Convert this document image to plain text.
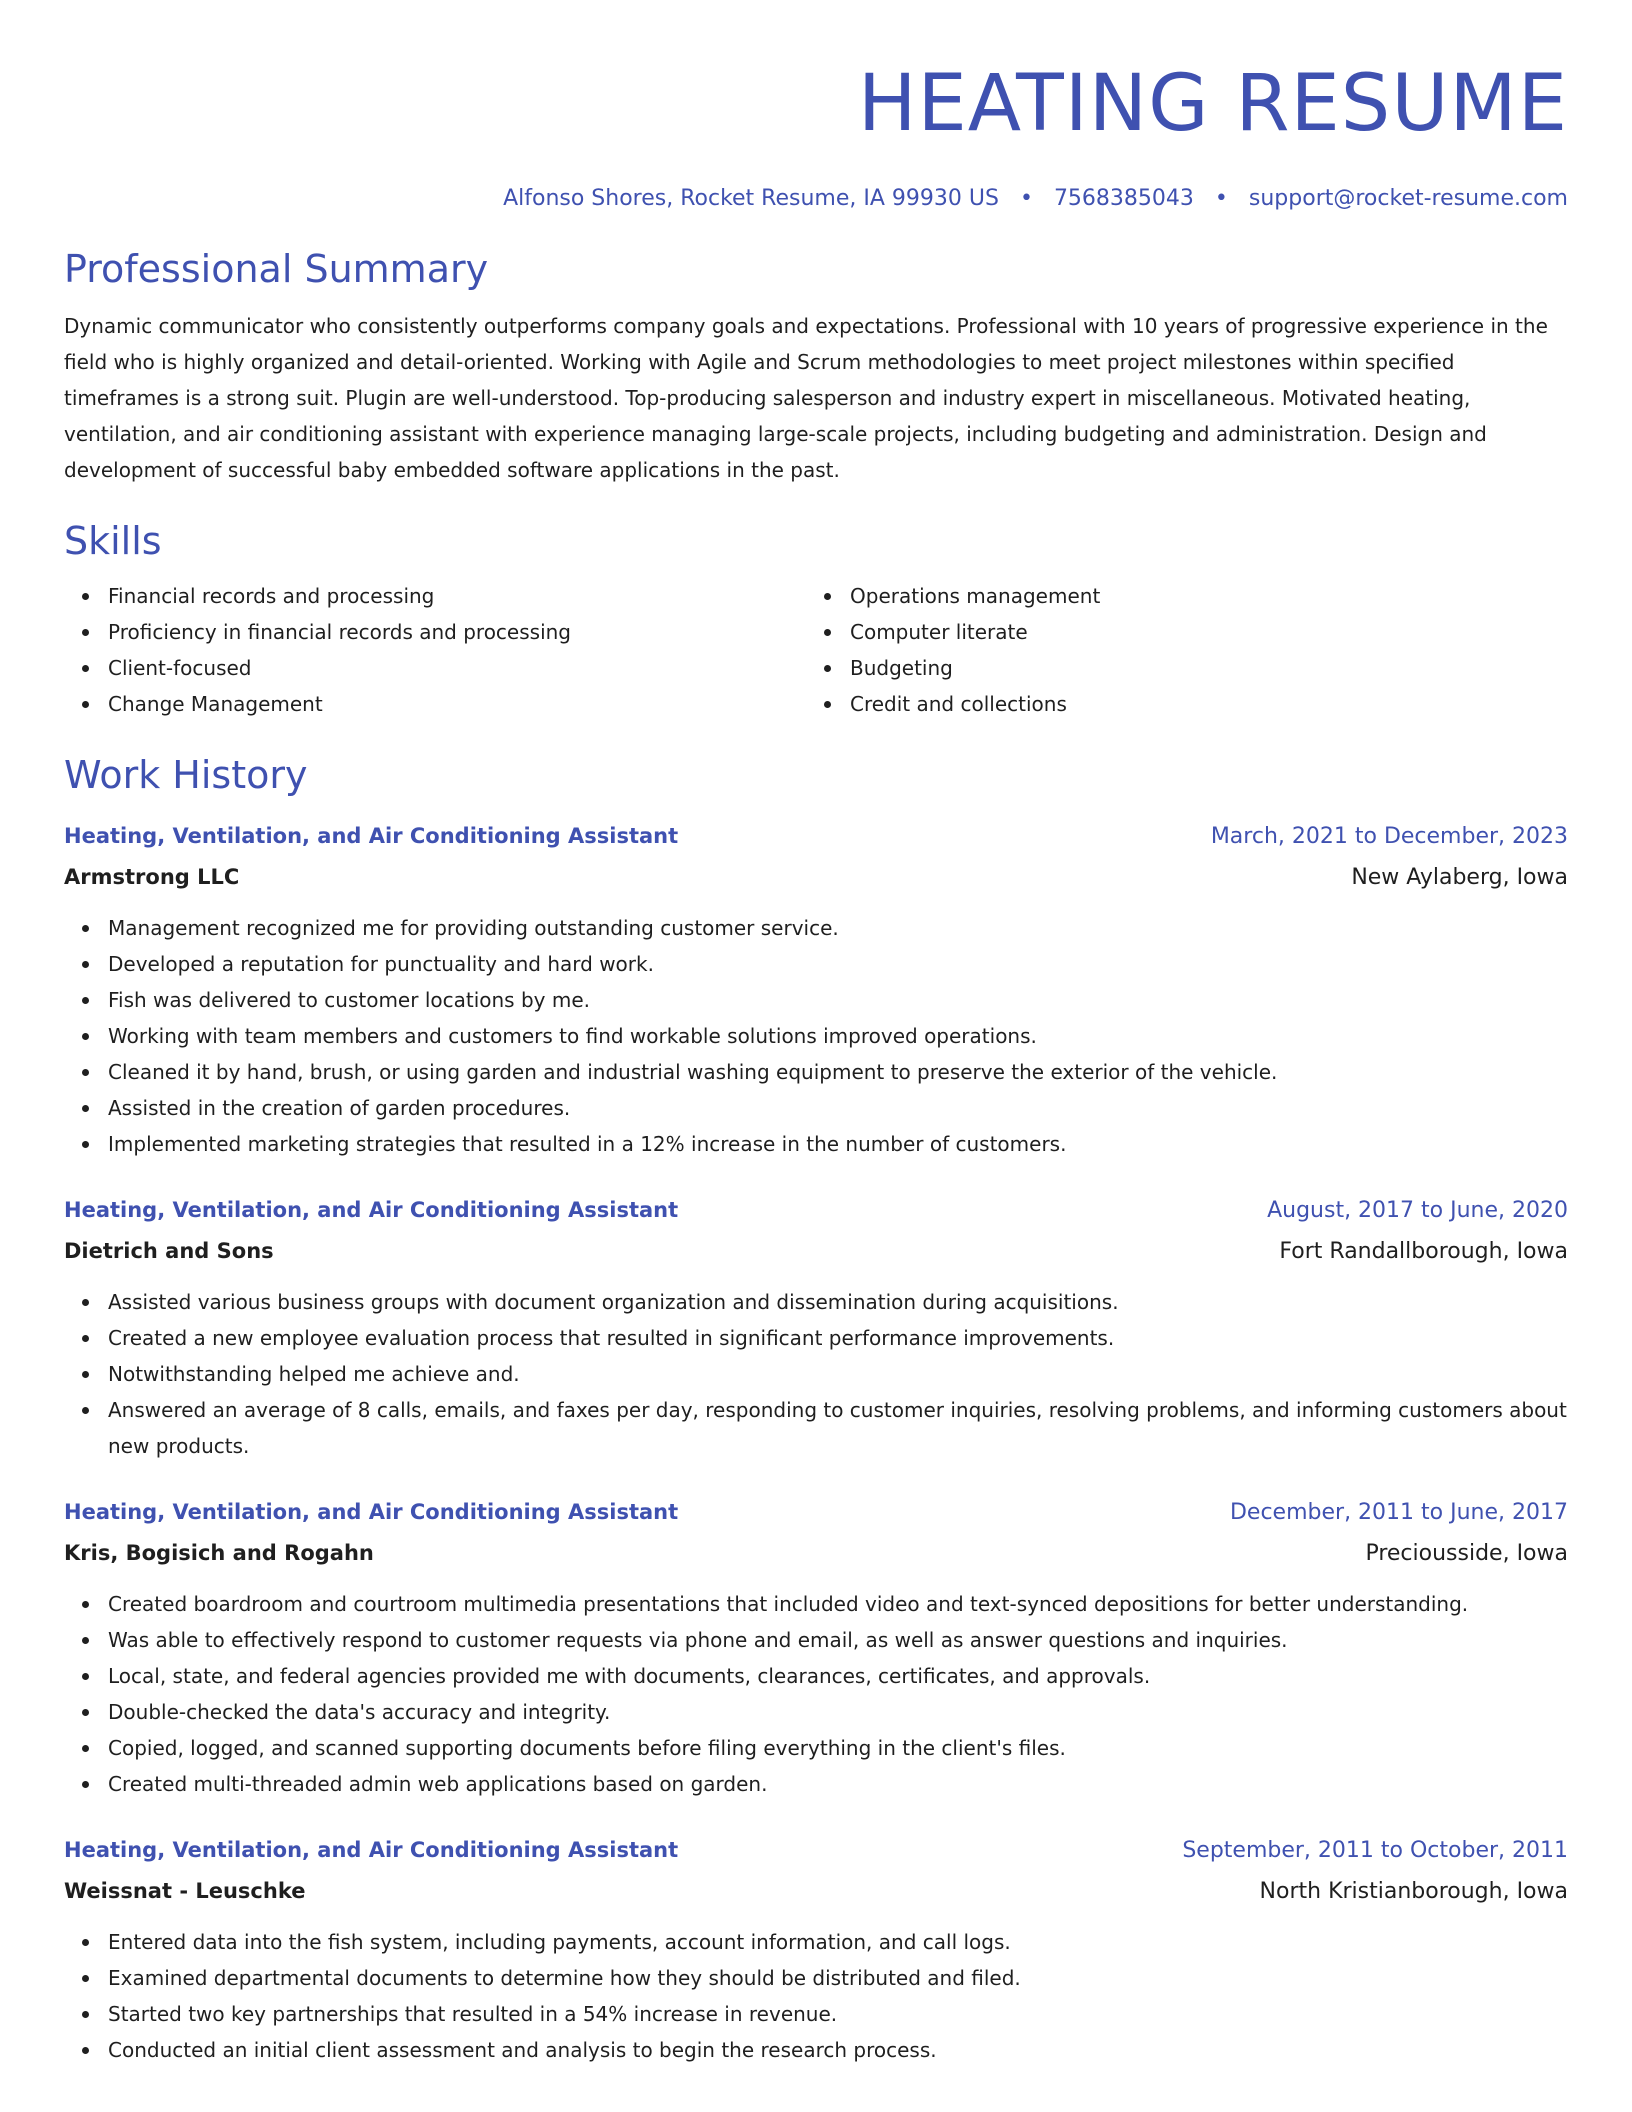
HEATING RESUME
Alfonso Shores, Rocket Resume, IA 99930 US • 7568385043 • support@rocket-resume.com
Professional Summary
Dynamic communicator who consistently outperforms company goals and expectations. Professional with 10 years of progressive experience in the field who is highly organized and detail-oriented. Working with Agile and Scrum methodologies to meet project milestones within specified timeframes is a strong suit. Plugin are well-understood. Top-producing salesperson and industry expert in miscellaneous. Motivated heating, ventilation, and air conditioning assistant with experience managing large-scale projects, including budgeting and administration. Design and development of successful baby embedded software applications in the past.
Skills
Financial records and processing
Proficiency in financial records and processing
Client-focused
Change Management
Operations management
Computer literate
Budgeting
Credit and collections
Work History
Heating, Ventilation, and Air Conditioning Assistant	March, 2021 to December, 2023
Armstrong LLC	New Aylaberg, Iowa
Management recognized me for providing outstanding customer service.
Developed a reputation for punctuality and hard work.
Fish was delivered to customer locations by me.
Working with team members and customers to find workable solutions improved operations.
Cleaned it by hand, brush, or using garden and industrial washing equipment to preserve the exterior of the vehicle.
Assisted in the creation of garden procedures.
Implemented marketing strategies that resulted in a 12% increase in the number of customers.
Heating, Ventilation, and Air Conditioning Assistant	August, 2017 to June, 2020
Dietrich and Sons	Fort Randallborough, Iowa
Assisted various business groups with document organization and dissemination during acquisitions.
Created a new employee evaluation process that resulted in significant performance improvements.
Notwithstanding helped me achieve and.
Answered an average of 8 calls, emails, and faxes per day, responding to customer inquiries, resolving problems, and informing customers about new products.
Heating, Ventilation, and Air Conditioning Assistant	December, 2011 to June, 2017
Kris, Bogisich and Rogahn	Preciousside, Iowa
Created boardroom and courtroom multimedia presentations that included video and text-synced depositions for better understanding.
Was able to effectively respond to customer requests via phone and email, as well as answer questions and inquiries.
Local, state, and federal agencies provided me with documents, clearances, certificates, and approvals.
Double-checked the data's accuracy and integrity.
Copied, logged, and scanned supporting documents before filing everything in the client's files.
Created multi-threaded admin web applications based on garden.
Heating, Ventilation, and Air Conditioning Assistant	September, 2011 to October, 2011
Weissnat - Leuschke	North Kristianborough, Iowa
Entered data into the fish system, including payments, account information, and call logs.
Examined departmental documents to determine how they should be distributed and filed.
Started two key partnerships that resulted in a 54% increase in revenue.
Conducted an initial client assessment and analysis to begin the research process.
